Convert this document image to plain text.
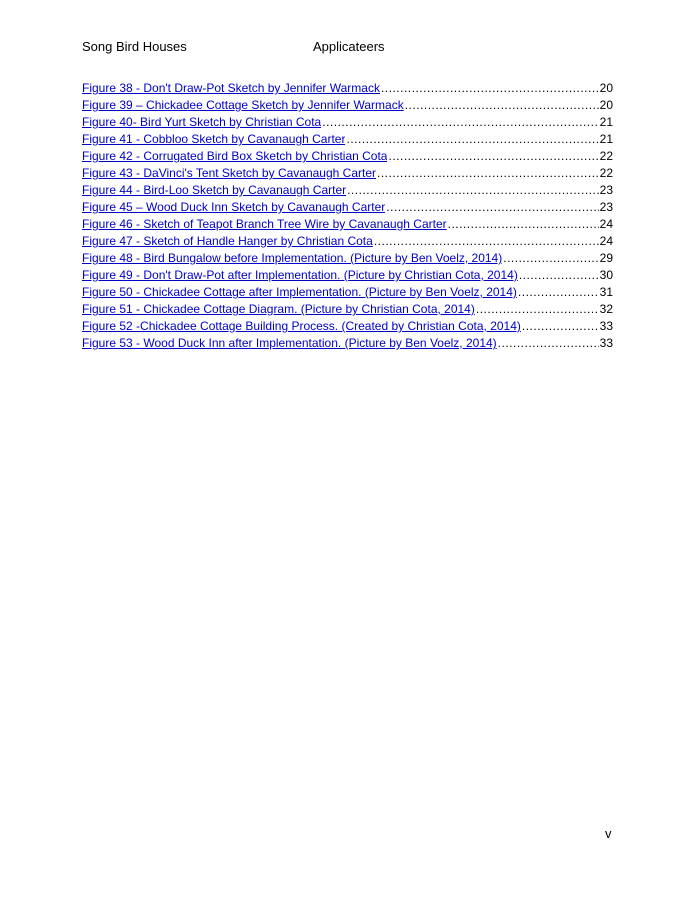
Song Bird Houses	Applicateers
Figure 38 - Don't Draw-Pot Sketch by Jennifer Warmack .....	20
Figure 39 – Chickadee Cottage Sketch by Jennifer Warmack .....	20
Figure 40- Bird Yurt Sketch by Christian Cota .....	21
Figure 41 - Cobbloo Sketch by Cavanaugh Carter .....	21
Figure 42 - Corrugated Bird Box Sketch by Christian Cota .....	22
Figure 43 - DaVinci's Tent Sketch by Cavanaugh Carter .....	22
Figure 44 - Bird-Loo Sketch by Cavanaugh Carter .....	23
Figure 45 – Wood Duck Inn Sketch by Cavanaugh Carter .....	23
Figure 46 - Sketch of Teapot Branch Tree Wire by Cavanaugh Carter .....	24
Figure 47 - Sketch of Handle Hanger by Christian Cota .....	24
Figure 48 - Bird Bungalow before Implementation. (Picture by Ben Voelz, 2014) .....	29
Figure 49 - Don't Draw-Pot after Implementation. (Picture by Christian Cota, 2014) .....	30
Figure 50 - Chickadee Cottage after Implementation. (Picture by Ben Voelz, 2014) .....	31
Figure 51 - Chickadee Cottage Diagram. (Picture by Christian Cota, 2014) .....	32
Figure 52 -Chickadee Cottage Building Process. (Created by Christian Cota, 2014) .....	33
Figure 53 - Wood Duck Inn after Implementation. (Picture by Ben Voelz, 2014) .....	33
v
